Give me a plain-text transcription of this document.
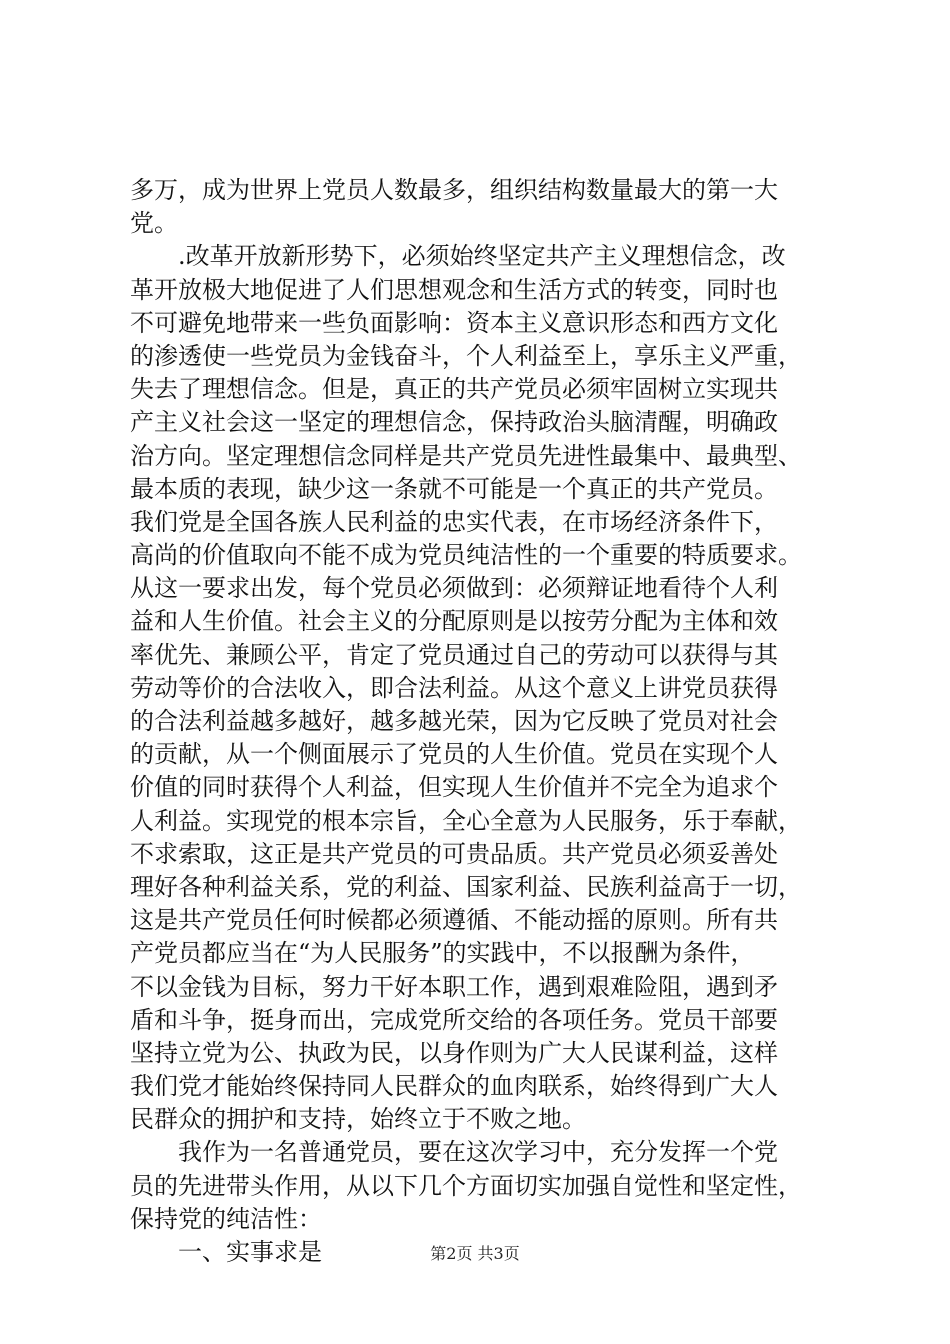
多万，成为世界上党员人数最多，组织结构数量最大的第一大
党。
.改革开放新形势下，必须始终坚定共产主义理想信念，改
革开放极大地促进了人们思想观念和生活方式的转变，同时也
不可避免地带来一些负面影响：资本主义意识形态和西方文化
的渗透使一些党员为金钱奋斗，个人利益至上，享乐主义严重，
失去了理想信念。但是，真正的共产党员必须牢固树立实现共
产主义社会这一坚定的理想信念，保持政治头脑清醒，明确政
治方向。坚定理想信念同样是共产党员先进性最集中、最典型、
最本质的表现，缺少这一条就不可能是一个真正的共产党员。
我们党是全国各族人民利益的忠实代表，在市场经济条件下，
高尚的价值取向不能不成为党员纯洁性的一个重要的特质要求。
从这一要求出发，每个党员必须做到：必须辩证地看待个人利
益和人生价值。社会主义的分配原则是以按劳分配为主体和效
率优先、兼顾公平，肯定了党员通过自己的劳动可以获得与其
劳动等价的合法收入，即合法利益。从这个意义上讲党员获得
的合法利益越多越好，越多越光荣，因为它反映了党员对社会
的贡献，从一个侧面展示了党员的人生价值。党员在实现个人
价值的同时获得个人利益，但实现人生价值并不完全为追求个
人利益。实现党的根本宗旨，全心全意为人民服务，乐于奉献，
不求索取，这正是共产党员的可贵品质。共产党员必须妥善处
理好各种利益关系，党的利益、国家利益、民族利益高于一切，
这是共产党员任何时候都必须遵循、不能动摇的原则。所有共
产党员都应当在“为人民服务”的实践中，不以报酬为条件，
不以金钱为目标，努力干好本职工作，遇到艰难险阻，遇到矛
盾和斗争，挺身而出，完成党所交给的各项任务。党员干部要
坚持立党为公、执政为民，以身作则为广大人民谋利益，这样
我们党才能始终保持同人民群众的血肉联系，始终得到广大人
民群众的拥护和支持，始终立于不败之地。
我作为一名普通党员，要在这次学习中，充分发挥一个党
员的先进带头作用，从以下几个方面切实加强自觉性和坚定性，
保持党的纯洁性：
一、实事求是	第2页 共3页
